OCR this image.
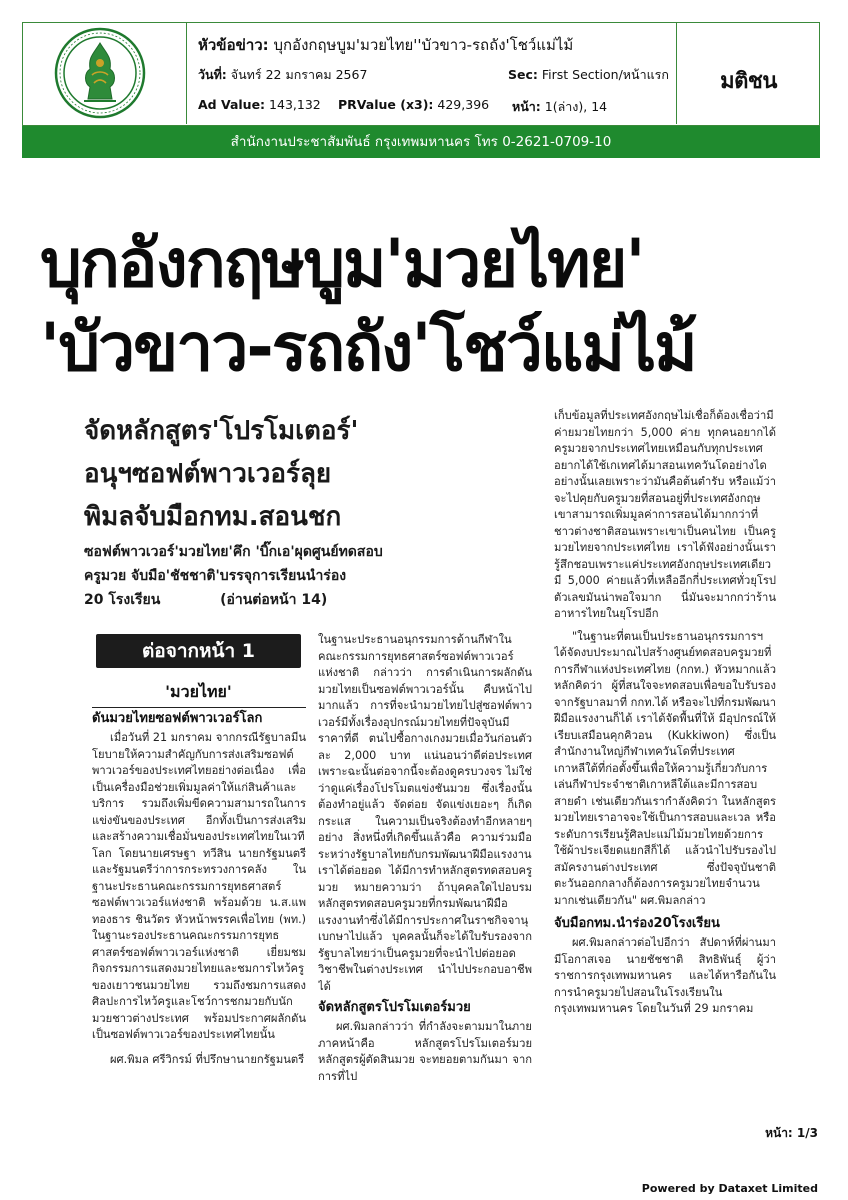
หัวข้อข่าว: บุกอังกฤษบูม'มวยไทย''บัวขาว-รถถัง'โชว์แม่ไม้
วันที่: จันทร์ 22 มกราคม 2567	Sec: First Section/หน้าแรก
Ad Value: 143,132 PRValue (x3): 429,396 หน้า: 1(ล่าง), 14
มติชน
สำนักงานประชาสัมพันธ์ กรุงเทพมหานคร โทร 0-2621-0709-10
บุกอังกฤษบูม'มวยไทย'
'บัวขาว-รถถัง'โชว์แม่ไม้
จัดหลักสูตร'โปรโมเตอร์'
อนุฯซอฟต์พาวเวอร์ลุย
พิมลจับมือกทม.สอนชก
ซอฟต์พาวเวอร์'มวยไทย'คึก 'บิ๊กเอ'ผุดศูนย์ทดสอบ
ครูมวย จับมือ'ชัชชาติ'บรรจุการเรียนนำร่อง
20 โรงเรียน	(อ่านต่อหน้า 14)
ต่อจากหน้า 1
'มวยไทย'

ดันมวยไทยซอฟต์พาวเวอร์โลก

เมื่อวันที่ 21 มกราคม จากกรณีรัฐบาลมีนโยบายให้ความสำคัญกับการส่งเสริมซอฟต์พาวเวอร์ของประเทศไทยอย่างต่อเนื่อง เพื่อเป็นเครื่องมือช่วยเพิ่มมูลค่าให้แก่สินค้าและบริการ รวมถึงเพิ่มขีดความสามารถในการแข่งขันของประเทศ อีกทั้งเป็นการส่งเสริมและสร้างความเชื่อมั่นของประเทศไทยในเวทีโลก โดยนายเศรษฐา ทวีสิน นายกรัฐมนตรีและรัฐมนตรีว่าการกระทรวงการคลัง ในฐานะประธานคณะกรรมการยุทธศาสตร์ซอฟต์พาวเวอร์แห่งชาติ พร้อมด้วย น.ส.แพทองธาร ชินวัตร หัวหน้าพรรคเพื่อไทย (พท.) ในฐานะรองประธานคณะกรรมการยุทธศาสตร์ซอฟต์พาวเวอร์แห่งชาติ เยี่ยมชมกิจกรรมการแสดงมวยไทยและชมการไหว้ครูของเยาวชนมวยไทย รวมถึงชมการแสดงศิลปะการไหว้ครูและโชว์การชกมวยกับนักมวยชาวต่างประเทศ พร้อมประกาศผลักดันเป็นซอฟต์พาวเวอร์ของประเทศไทยนั้น

ผศ.พิมล ศรีวิกรม์ ที่ปรึกษานายกรัฐมนตรี

ในฐานะประธานอนุกรรมการด้านกีฬาในคณะกรรมการยุทธศาสตร์ซอฟต์พาวเวอร์แห่งชาติ กล่าวว่า การดำเนินการผลักดันมวยไทยเป็นซอฟต์พาวเวอร์นั้น คืบหน้าไปมากแล้ว การที่จะนำมวยไทยไปสู่ซอฟต์พาวเวอร์มีทั้งเรื่องอุปกรณ์มวยไทยที่ปัจจุบันมีราคาที่ดี ตนไปซื้อกางเกงมวยเมื่อวันก่อนตัวละ 2,000 บาท แน่นอนว่าดีต่อประเทศ เพราะฉะนั้นต่อจากนี้จะต้องดูครบวงจร ไม่ใช่ว่าดูแค่เรื่องโปรโมตแข่งชันมวย ซึ่งเรื่องนั้นต้องทำอยู่แล้ว จัดต่อย จัดแข่งเยอะๆ ก็เกิดกระแส ในความเป็นจริงต้องทำอีกหลายๆ อย่าง สิ่งหนึ่งที่เกิดขึ้นแล้วคือ ความร่วมมือระหว่างรัฐบาลไทยกับกรมพัฒนาฝีมือแรงงาน เราได้ต่อยอด ได้มีการทำหลักสูตรทดสอบครูมวย หมายความว่า ถ้าบุคคลใดไปอบรมหลักสูตรทดสอบครูมวยที่กรมพัฒนาฝีมือแรงงานทำซึ่งได้มีการประกาศในราชกิจจานุเบกษาไปแล้ว บุคคลนั้นก็จะได้ใบรับรองจากรัฐบาลไทยว่าเป็นครูมวยที่จะนำไปต่อยอดวิชาชีพในต่างประเทศ นำไปประกอบอาชีพได้

จัดหลักสูตรโปรโมเตอร์มวย

ผศ.พิมลกล่าวว่า ที่กำลังจะตามมาในภายภาคหน้าคือ หลักสูตรโปรโมเตอร์มวย หลักสูตรผู้ตัดสินมวย จะทยอยตามกันมา จากการที่ไป

เก็บข้อมูลที่ประเทศอังกฤษไม่เชื่อก็ต้องเชื่อว่ามีค่ายมวยไทยกว่า 5,000 ค่าย ทุกคนอยากได้ครูมวยจากประเทศไทยเหมือนกับทุกประเทศอยากได้ใช้เกเทศได้มาสอนเทควันโดอย่างไดอย่างนั้นเลยเพราะว่ามันคือต้นตำรับ หรือแม้ว่าจะไปคุยกับครูมวยที่สอนอยู่ที่ประเทศอังกฤษเขาสามารถเพิ่มมูลค่าการสอนได้มากกว่าที่ชาวต่างชาติสอนเพราะเขาเป็นคนไทย เป็นครูมวยไทยจากประเทศไทย เราได้ฟังอย่างนั้นเรารู้สึกชอบเพราะแค่ประเทศอังกฤษประเทศเดียวมี 5,000 ค่ายแล้วที่เหลืออีกกี่ประเทศทั่วยุโรป ตัวเลขมันน่าพอใจมาก นี่มันจะมากกว่าร้านอาหารไทยในยุโรปอีก

"ในฐานะที่ตนเป็นประธานอนุกรรมการฯ ได้จัดงบประมาณไปสร้างศูนย์ทดสอบครูมวยที่การกีฬาแห่งประเทศไทย (กกท.) หัวหมากแล้ว หลักคิดว่า ผู้ที่สนใจจะทดสอบเพื่อขอใบรับรองจากรัฐบาลมาที่ กกท.ได้ หรือจะไปที่กรมพัฒนาฝีมือแรงงานก็ได้ เราได้จัดพื้นที่ให้ มีอุปกรณ์ให้เรียบเสมือนคุกคิวอน (Kukkiwon) ซึ่งเป็นสำนักงานใหญ่กีฬาเทควันโดที่ประเทศเกาหลีใต้ที่ก่อตั้งขึ้นเพื่อให้ความรู้เกี่ยวกับการเล่นกีฬาประจำชาติเกาหลีใต้และมีการสอบสายดำ เช่นเดียวกันเรากำลังคิดว่า ในหลักสูตรมวยไทยเราอาจจะใช้เป็นการสอบและเวล หรือระดับการเรียนรู้ศิลปะแม่ไม้มวยไทยด้วยการใช้ผ้าประเจียดแยกสีก็ได้ แล้วนำไปรับรองไปสมัครงานต่างประเทศ ซึ่งปัจจุบันชาติตะวันออกกลางก็ต้องการครูมวยไทยจำนวนมากเช่นเดียวกัน" ผศ.พิมลกล่าว

จับมือกทม.นำร่อง20โรงเรียน

ผศ.พิมลกล่าวต่อไปอีกว่า สัปดาห์ที่ผ่านมามีโอกาสเจอ นายชัชชาติ สิทธิพันธุ์ ผู้ว่าราชการกรุงเทพมหานคร และได้หารือกันในการนำครูมวยไปสอนในโรงเรียนในกรุงเทพมหานคร โดยในวันที่ 29 มกราคม

หน้า: 1/3
Powered by Dataxet Limited
